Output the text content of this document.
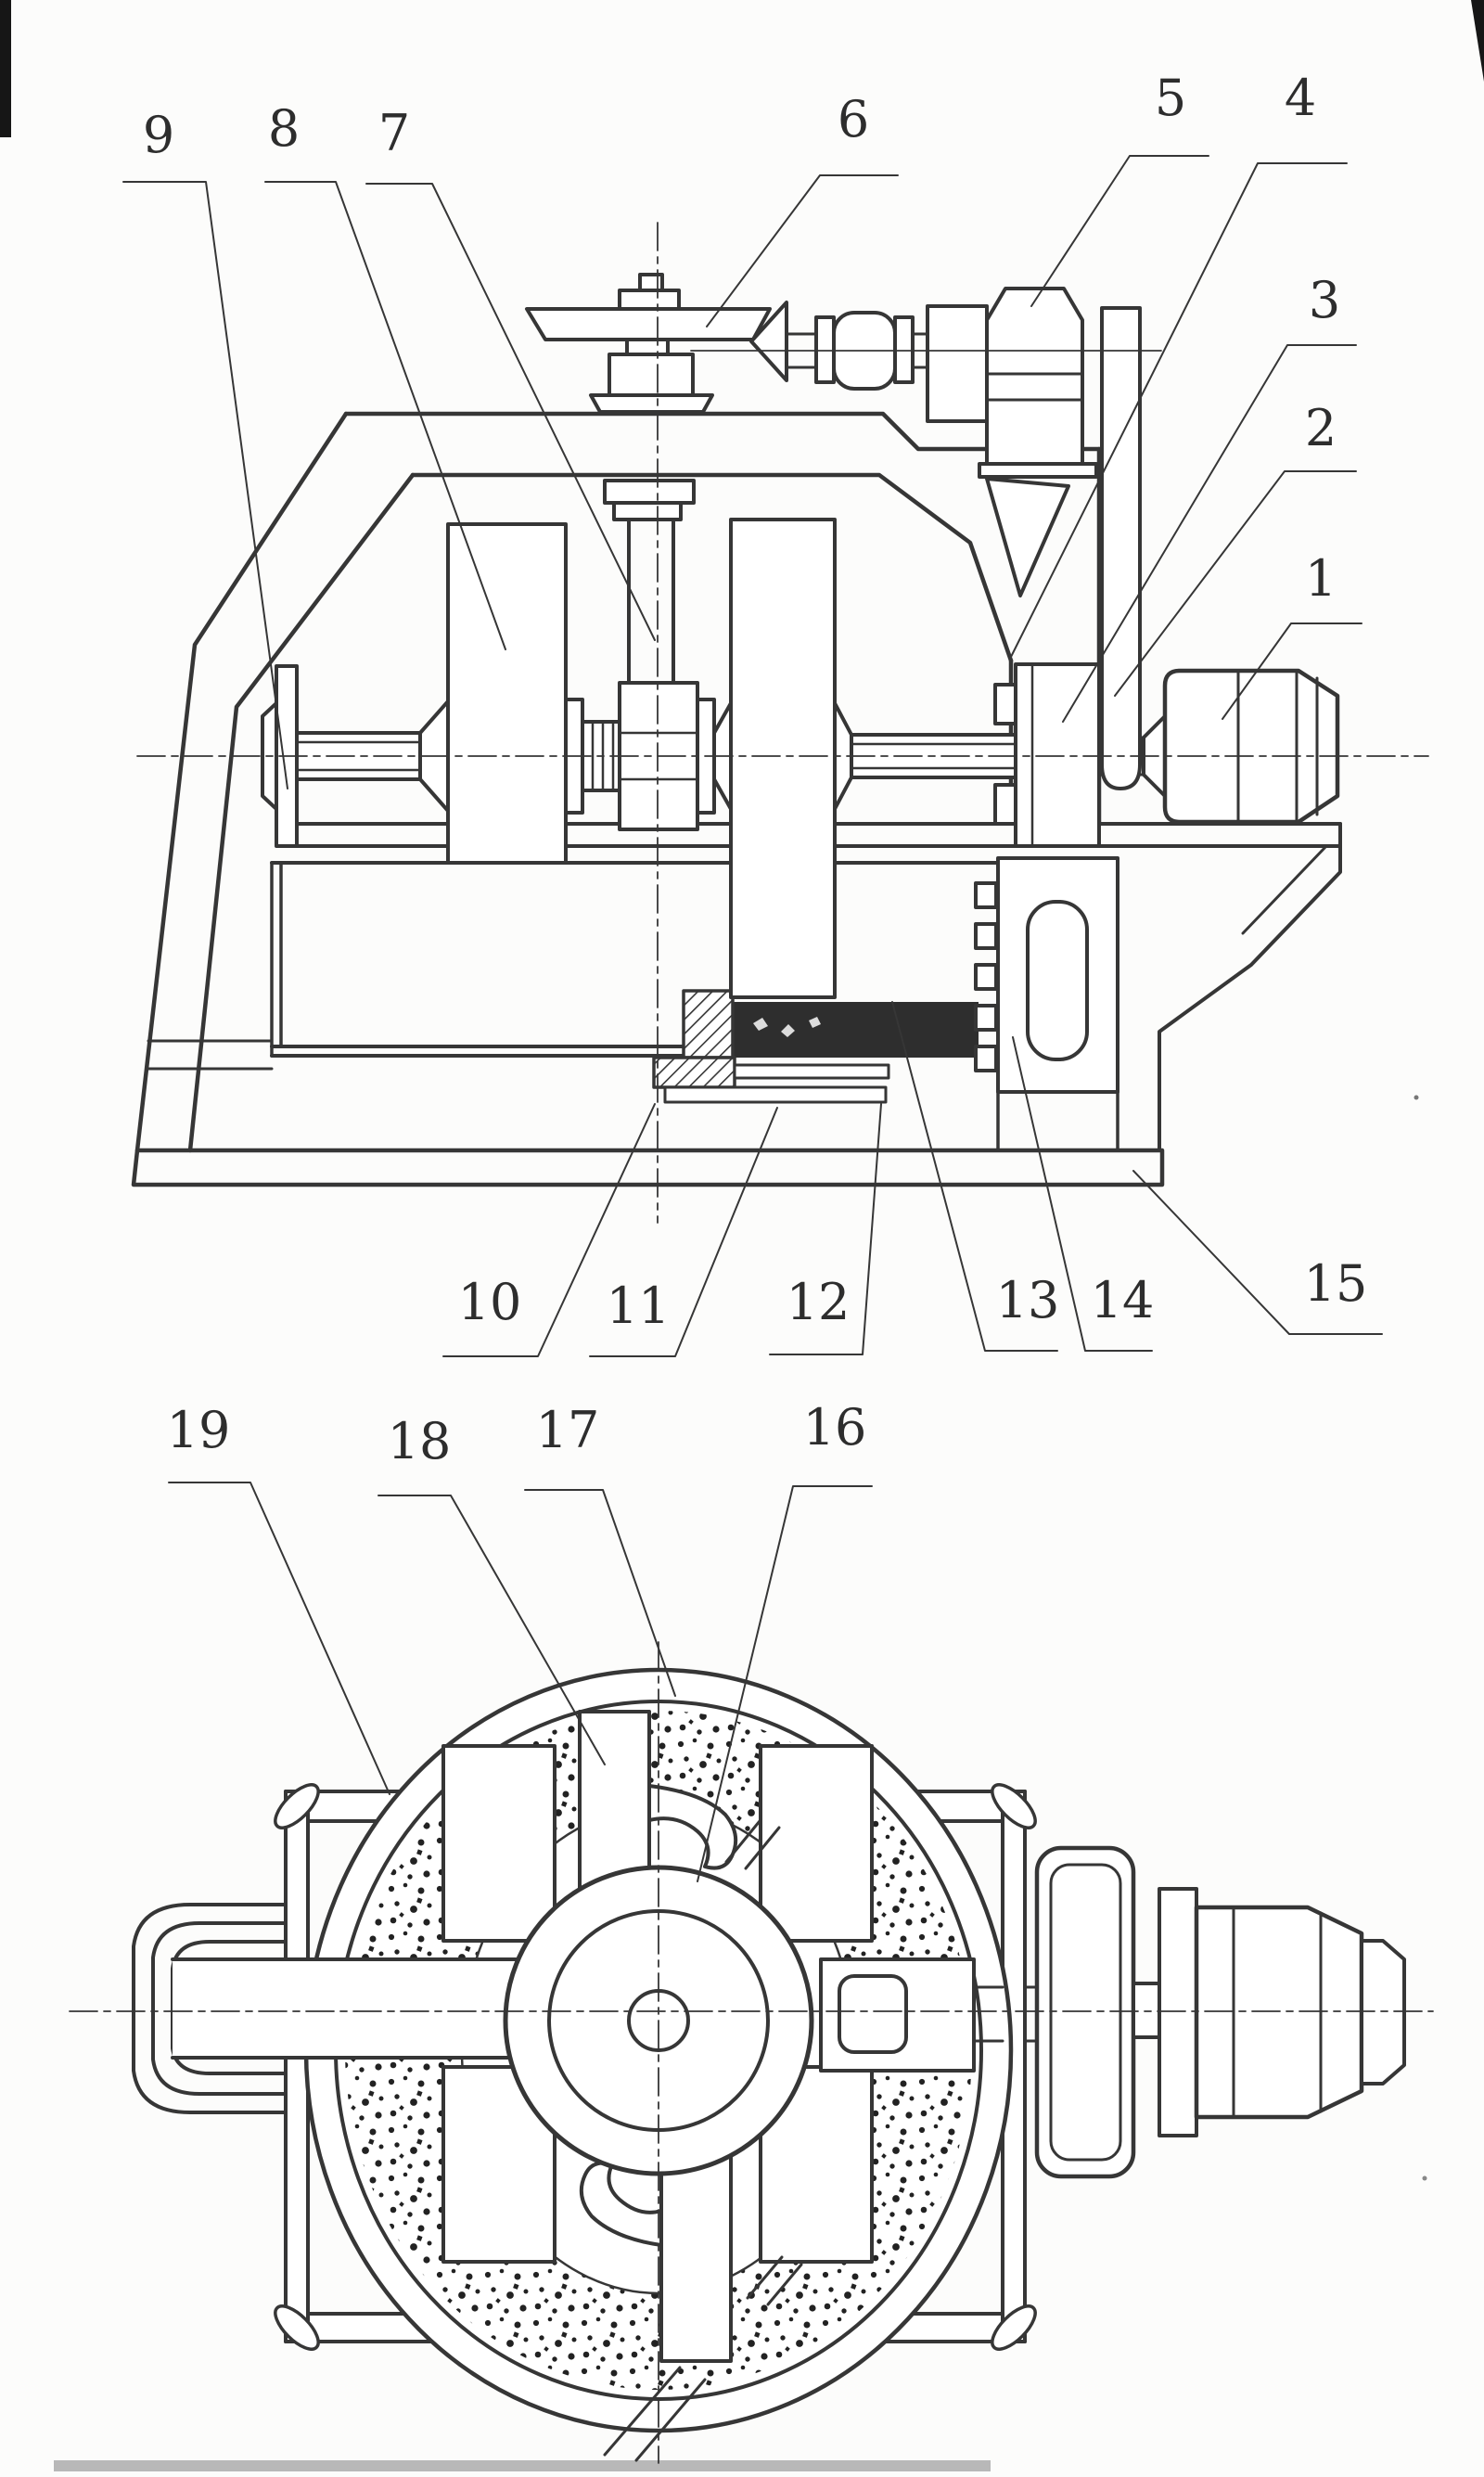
9 8 7	6	5 4
3
2
1
10 11 12	13 14	15
19	18 17	16
